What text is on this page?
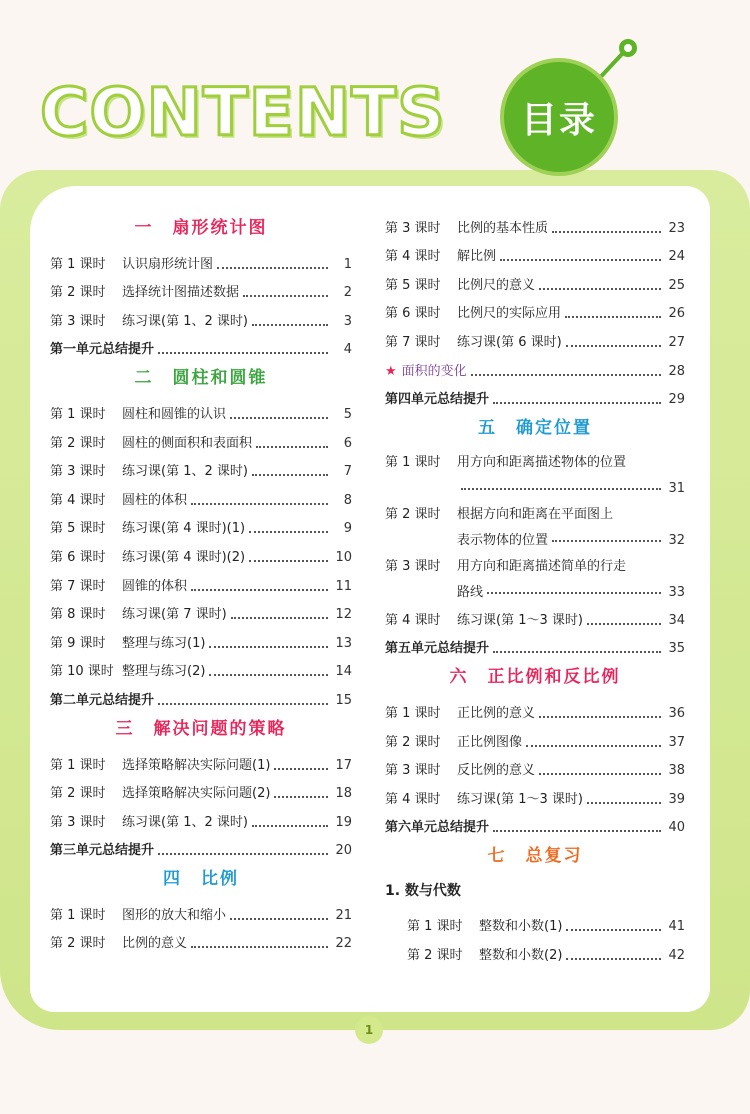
CONTENTS 目录
一　扇形统计图
第 1 课时	认识扇形统计图	1
第 2 课时	选择统计图描述数据	2
第 3 课时	练习课(第 1、2 课时)	3
第一单元总结提升	4
二　圆柱和圆锥
第 1 课时	圆柱和圆锥的认识	5
第 2 课时	圆柱的侧面积和表面积	6
第 3 课时	练习课(第 1、2 课时)	7
第 4 课时	圆柱的体积	8
第 5 课时	练习课(第 4 课时)(1)	9
第 6 课时	练习课(第 4 课时)(2)	10
第 7 课时	圆锥的体积	11
第 8 课时	练习课(第 7 课时)	12
第 9 课时	整理与练习(1)	13
第 10 课时 整理与练习(2)	14
第二单元总结提升	15
三　解决问题的策略
第 1 课时	选择策略解决实际问题(1)	17
第 2 课时	选择策略解决实际问题(2)	18
第 3 课时	练习课(第 1、2 课时)	19
第三单元总结提升	20
四　比例
第 1 课时	图形的放大和缩小	21
第 2 课时	比例的意义	22
第 3 课时	比例的基本性质	23
第 4 课时	解比例	24
第 5 课时	比例尺的意义	25
第 6 课时	比例尺的实际应用	26
第 7 课时	练习课(第 6 课时)	27
★ 面积的变化	28
第四单元总结提升	29
五　确定位置
第 1 课时	用方向和距离描述物体的位置
31
第 2 课时	根据方向和距离在平面图上
表示物体的位置	32
第 3 课时	用方向和距离描述简单的行走
路线	33
第 4 课时	练习课(第 1～3 课时)	34
第五单元总结提升	35
六　正比例和反比例
第 1 课时	正比例的意义	36
第 2 课时	正比例图像	37
第 3 课时	反比例的意义	38
第 4 课时	练习课(第 1～3 课时)	39
第六单元总结提升	40
七　总复习
1. 数与代数
第 1 课时	整数和小数(1)	41
第 2 课时	整数和小数(2)	42
1
